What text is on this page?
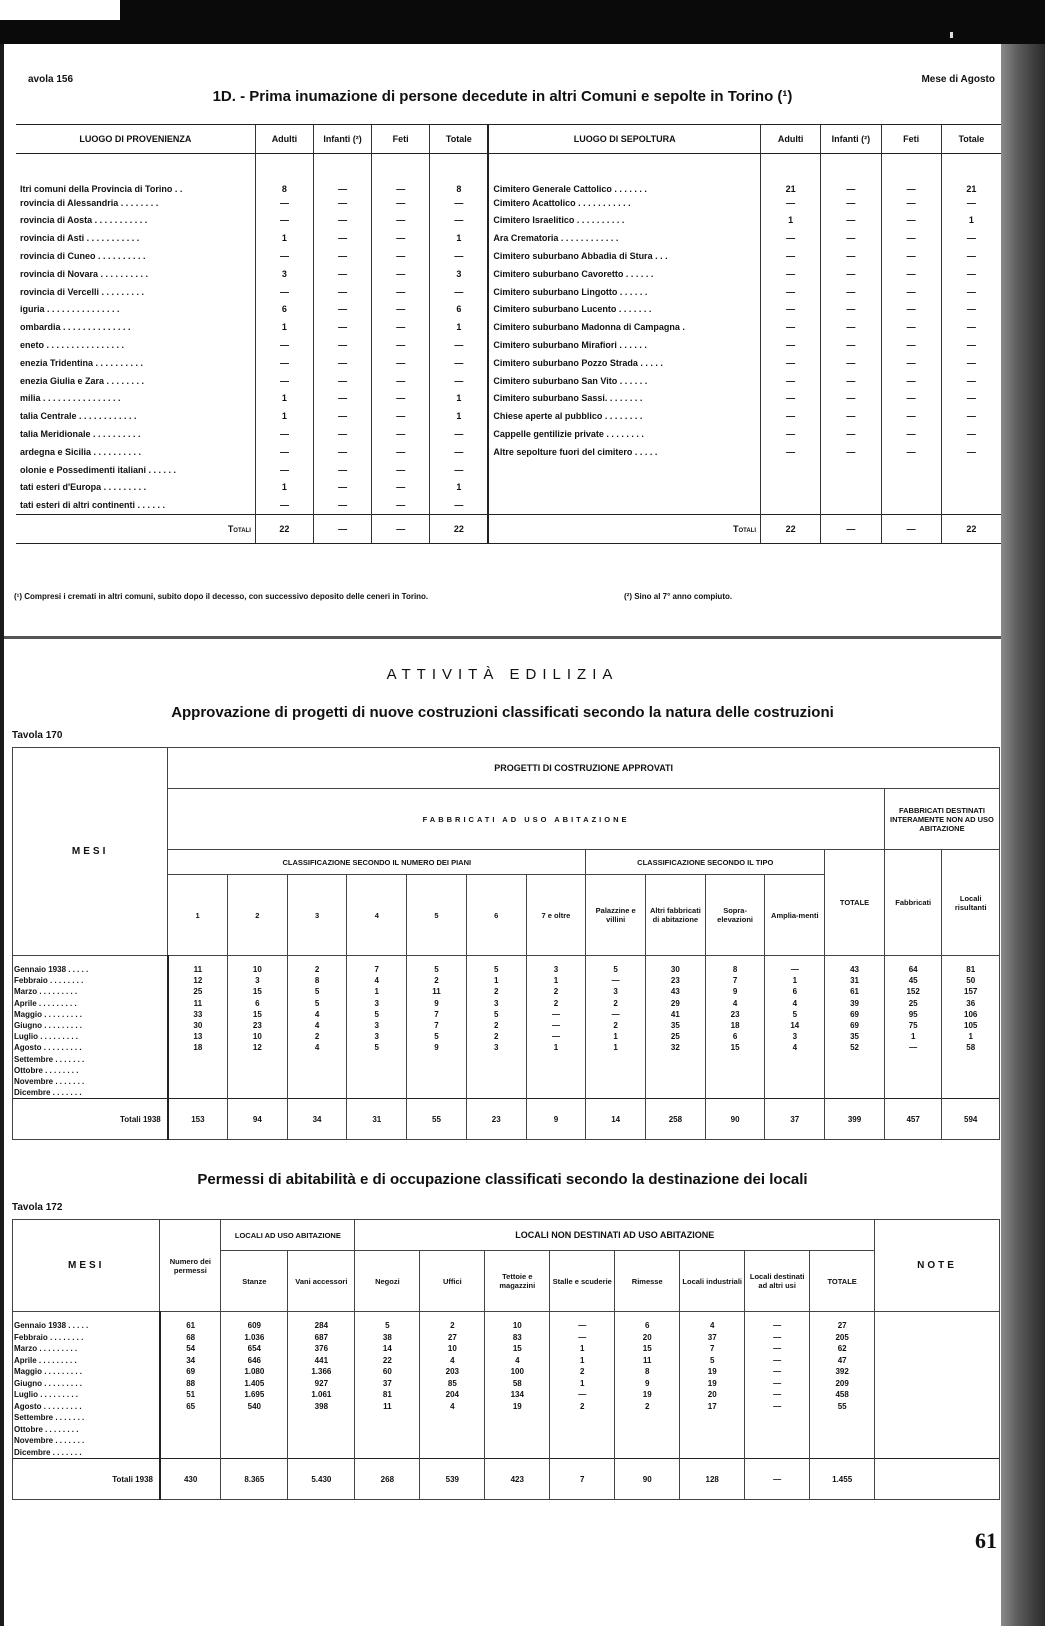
avola 156	Mese di Agosto
1D. - Prima inumazione di persone decedute in altri Comuni e sepolte in Torino (¹)
LUOGO DI PROVENIENZA	Adulti	Infanti (²)	Feti	Totale	LUOGO DI SEPOLTURA	Adulti	Infanti (²)	Feti	Totale
ltri comuni della Provincia di Torino . .	8	—	—	8	Cimitero Generale Cattolico . . . . . . .	21	—	—	21
rovincia di Alessandria . . . . . . . .	—	—	—	—	Cimitero Acattolico . . . . . . . . . . .	—	—	—	—
rovincia di Aosta . . . . . . . . . . .	—	—	—	—	Cimitero Israelitico . . . . . . . . . .	1	—	—	1
rovincia di Asti . . . . . . . . . . .	1	—	—	1	Ara Crematoria . . . . . . . . . . . .	—	—	—	—
rovincia di Cuneo . . . . . . . . . .	—	—	—	—	Cimitero suburbano Abbadia di Stura . . .	—	—	—	—
rovincia di Novara . . . . . . . . . .	3	—	—	3	Cimitero suburbano Cavoretto . . . . . .	—	—	—	—
rovincia di Vercelli . . . . . . . . .	—	—	—	—	Cimitero suburbano Lingotto . . . . . .	—	—	—	—
iguria . . . . . . . . . . . . . . .	6	—	—	6	Cimitero suburbano Lucento . . . . . . .	—	—	—	—
ombardia . . . . . . . . . . . . . .	1	—	—	1	Cimitero suburbano Madonna di Campagna .	—	—	—	—
eneto . . . . . . . . . . . . . . . .	—	—	—	—	Cimitero suburbano Mirafiori . . . . . .	—	—	—	—
enezia Tridentina . . . . . . . . . .	—	—	—	—	Cimitero suburbano Pozzo Strada . . . . .	—	—	—	—
enezia Giulia e Zara . . . . . . . .	—	—	—	—	Cimitero suburbano San Vito . . . . . .	—	—	—	—
milia . . . . . . . . . . . . . . . .	1	—	—	1	Cimitero suburbano Sassi. . . . . . . .	—	—	—	—
talia Centrale . . . . . . . . . . . .	1	—	—	1	Chiese aperte al pubblico . . . . . . . .	—	—	—	—
talia Meridionale . . . . . . . . . .	—	—	—	—	Cappelle gentilizie private . . . . . . . .	—	—	—	—
ardegna e Sicilia . . . . . . . . . .	—	—	—	—	Altre sepolture fuori del cimitero . . . . .	—	—	—	—
olonie e Possedimenti italiani . . . . . .	—	—	—	—					
tati esteri d'Europa . . . . . . . . .	1	—	—	1					
tati esteri di altri continenti . . . . . .	—	—	—	—					
Totali	22	—	—	22	Totali	22	—	—	22
(¹) Compresi i cremati in altri comuni, subito dopo il decesso, con successivo deposito delle ceneri in Torino.	(²) Sino al 7° anno compiuto.
ATTIVITÀ EDILIZIA
Approvazione di progetti di nuove costruzioni classificati secondo la natura delle costruzioni
Tavola 170
MESI	PROGETTI DI COSTRUZIONE APPROVATI													
	FABBRICATI AD USO ABITAZIONE												FABBRICATI DESTINATI INTERAMENTE NON AD USO ABITAZIONE	
	CLASSIFICAZIONE SECONDO IL NUMERO DEI PIANI							CLASSIFICAZIONE SECONDO IL TIPO				TOTALE	Fabbricati	Locali risultanti
	1	2	3	4	5	6	7 e oltre	Palazzine e villini	Altri fabbricati di abitazione	Sopra-elevazioni	Amplia-menti			
Gennaio 1938 . . . . .	11	10	2	7	5	5	3	5	30	8	—	43	64	81
Febbraio . . . . . . . .	12	3	8	4	2	1	1	—	23	7	1	31	45	50
Marzo . . . . . . . . .	25	15	5	1	11	2	2	3	43	9	6	61	152	157
Aprile . . . . . . . . .	11	6	5	3	9	3	2	2	29	4	4	39	25	36
Maggio . . . . . . . . .	33	15	4	5	7	5	—	—	41	23	5	69	95	106
Giugno . . . . . . . . .	30	23	4	3	7	2	—	2	35	18	14	69	75	105
Luglio . . . . . . . . .	13	10	2	3	5	2	—	1	25	6	3	35	1	1
Agosto . . . . . . . . .	18	12	4	5	9	3	1	1	32	15	4	52	—	58
Settembre . . . . . . .														
Ottobre . . . . . . . .														
Novembre . . . . . . .														
Dicembre . . . . . . .														
Totali 1938	153	94	34	31	55	23	9	14	258	90	37	399	457	594
Permessi di abitabilità e di occupazione classificati secondo la destinazione dei locali
Tavola 172
MESI	Numero dei permessi	LOCALI AD USO ABITAZIONE		LOCALI NON DESTINATI AD USO ABITAZIONE								NOTE
		Stanze	Vani accessori	Negozi	Uffici	Tettoie e magazzini	Stalle e scuderie	Rimesse	Locali industriali	Locali destinati ad altri usi	TOTALE	
Gennaio 1938 . . . . .	61	609	284	5	2	10	—	6	4	—	27	
Febbraio . . . . . . . .	68	1.036	687	38	27	83	—	20	37	—	205	
Marzo . . . . . . . . .	54	654	376	14	10	15	1	15	7	—	62	
Aprile . . . . . . . . .	34	646	441	22	4	4	1	11	5	—	47	
Maggio . . . . . . . . .	69	1.080	1.366	60	203	100	2	8	19	—	392	
Giugno . . . . . . . . .	88	1.405	927	37	85	58	1	9	19	—	209	
Luglio . . . . . . . . .	51	1.695	1.061	81	204	134	—	19	20	—	458	
Agosto . . . . . . . . .	65	540	398	11	4	19	2	2	17	—	55	
Settembre . . . . . . .												
Ottobre . . . . . . . .												
Novembre . . . . . . .												
Dicembre . . . . . . .												
Totali 1938	430	8.365	5.430	268	539	423	7	90	128	—	1.455	
61
